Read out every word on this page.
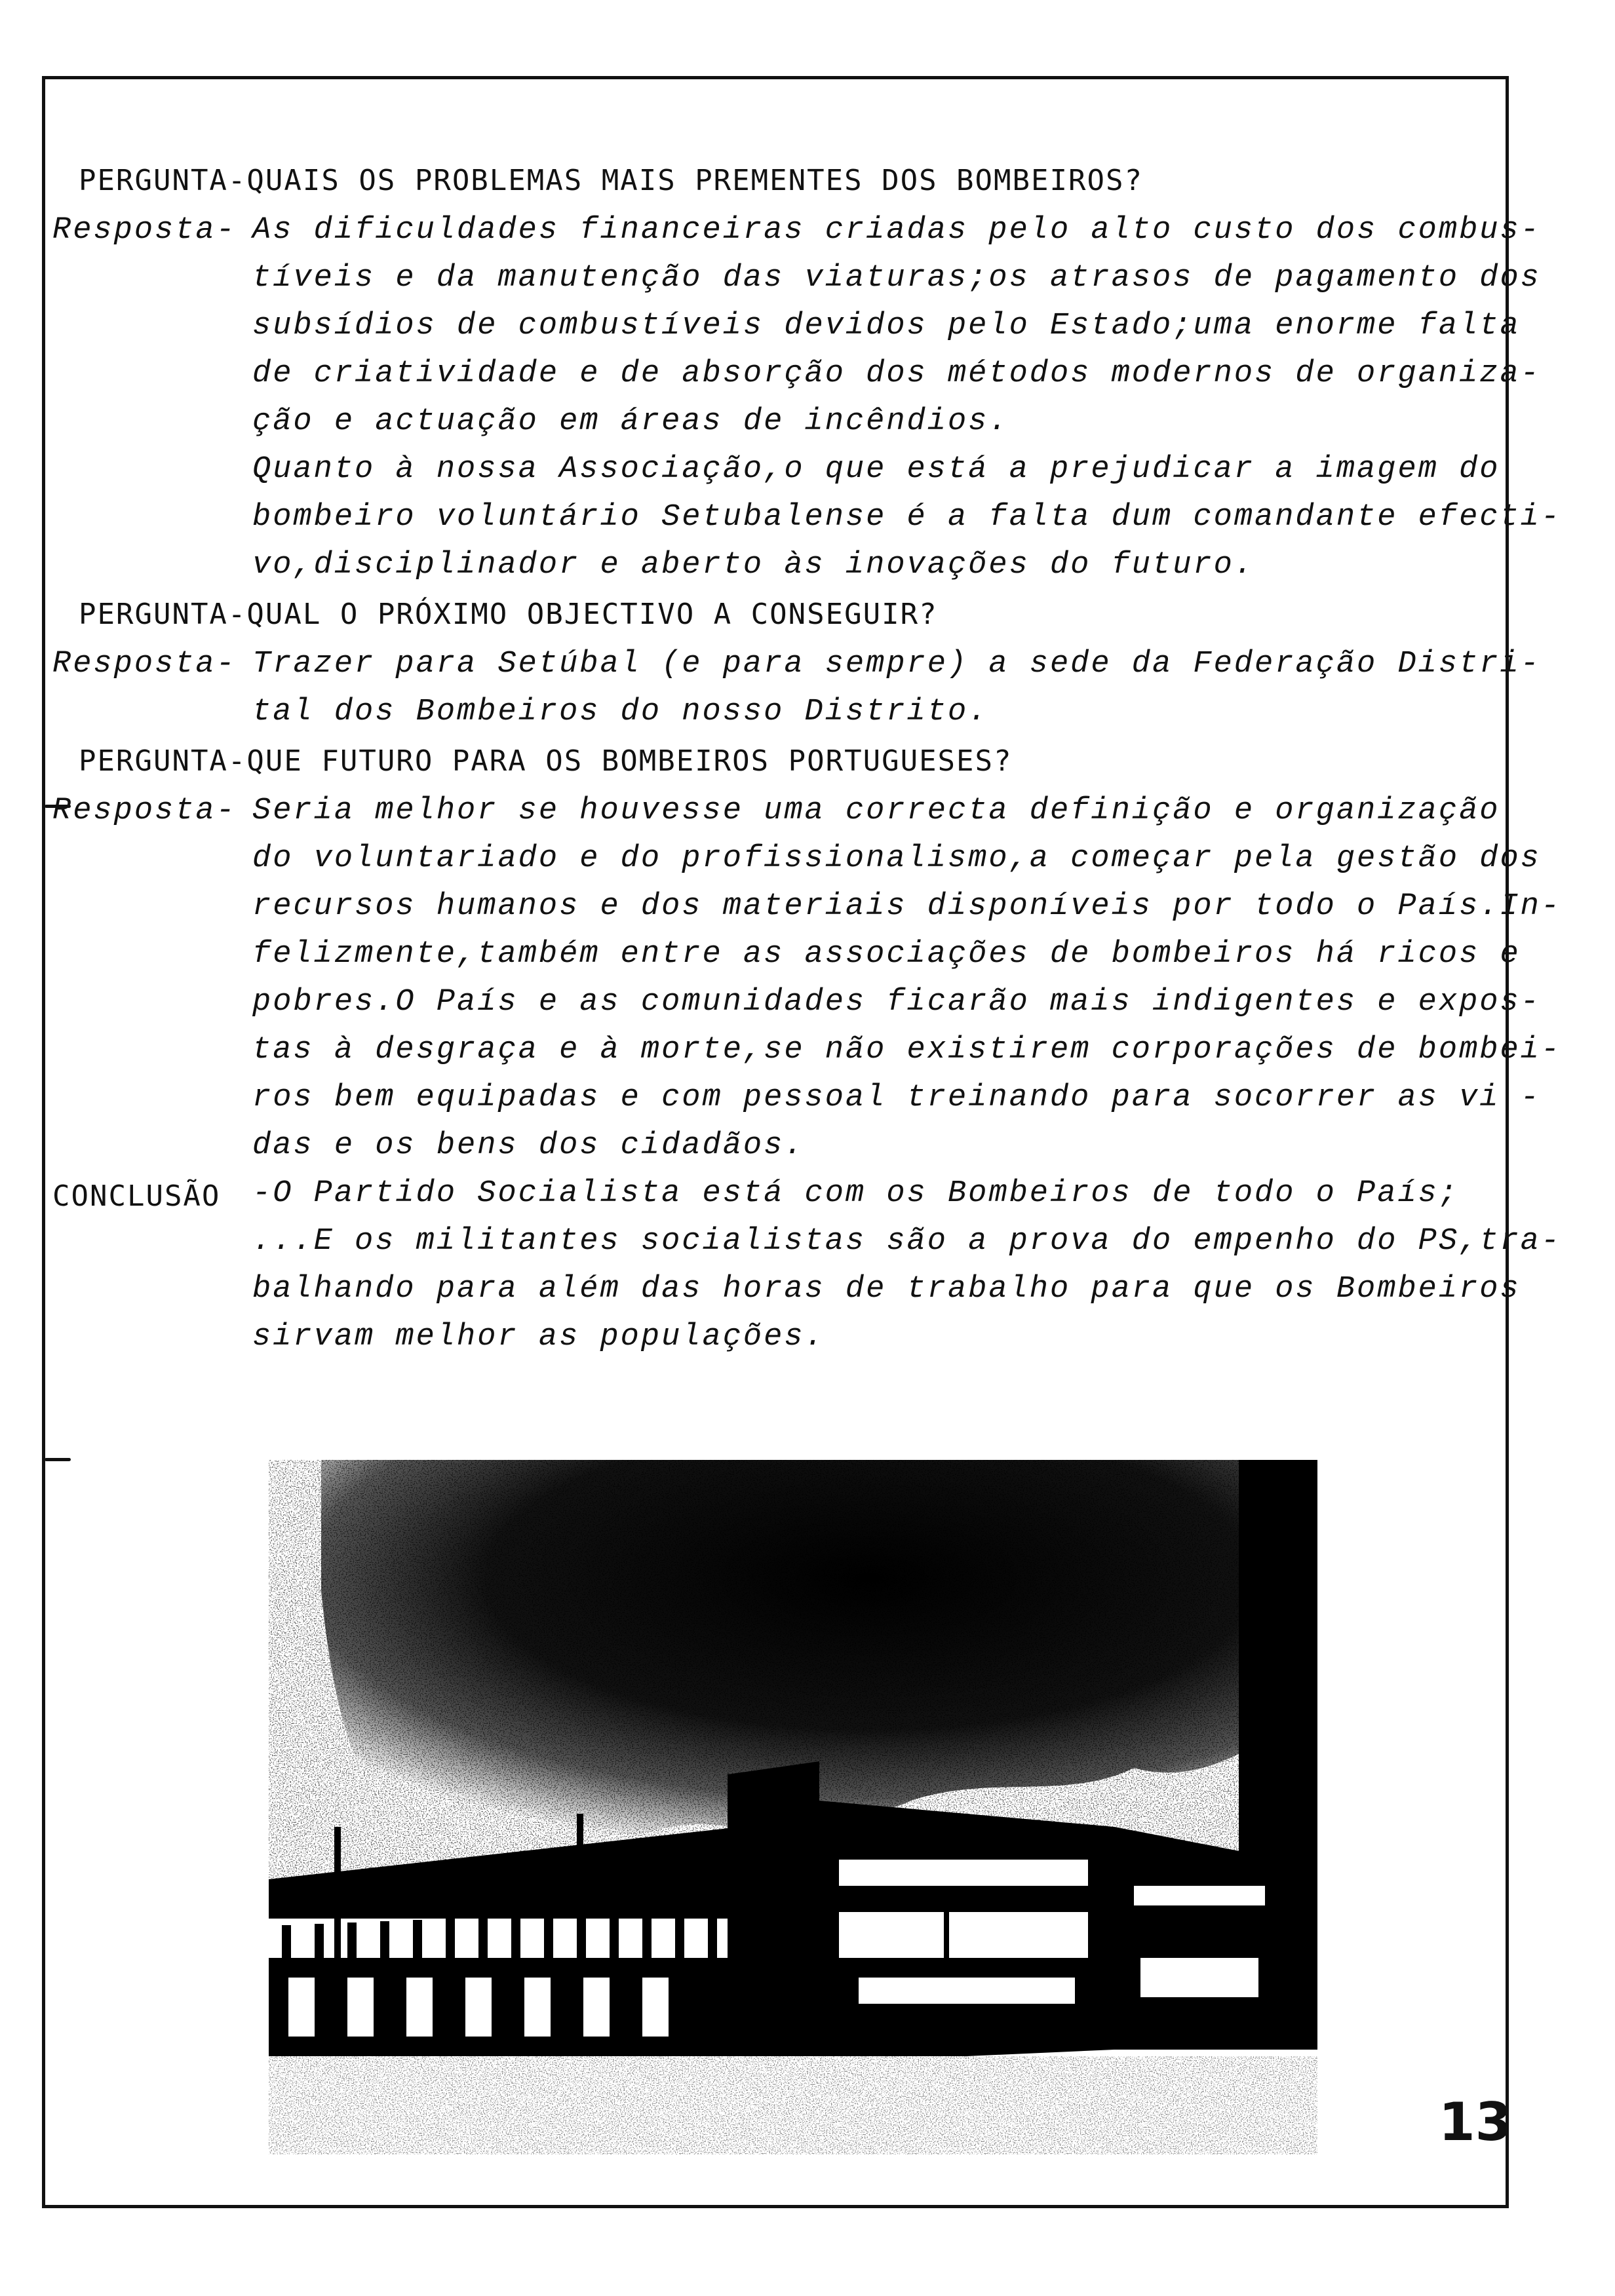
PERGUNTA-QUAIS OS PROBLEMAS MAIS PREMENTES DOS BOMBEIROS?
Resposta- As dificuldades financeiras criadas pelo alto custo dos combus-
tíveis e da manutenção das viaturas;os atrasos de pagamento dos
subsídios de combustíveis devidos pelo Estado;uma enorme falta
de criatividade e de absorção dos métodos modernos de organiza-
ção e actuação em áreas de incêndios.
Quanto à nossa Associação,o que está a prejudicar a imagem do
bombeiro voluntário Setubalense é a falta dum comandante efecti-
vo,disciplinador e aberto às inovações do futuro.
PERGUNTA-QUAL O PRÓXIMO OBJECTIVO A CONSEGUIR?
Resposta- Trazer para Setúbal (e para sempre) a sede da Federação Distri-
tal dos Bombeiros do nosso Distrito.
PERGUNTA-QUE FUTURO PARA OS BOMBEIROS PORTUGUESES?
Resposta- Seria melhor se houvesse uma correcta definição e organização
do voluntariado e do profissionalismo,a começar pela gestão dos
recursos humanos e dos materiais disponíveis por todo o País.In-
felizmente,também entre as associações de bombeiros há ricos e
pobres.O País e as comunidades ficarão mais indigentes e expos-
tas à desgraça e à morte,se não existirem corporações de bombei-
ros bem equipadas e com pessoal treinando para socorrer as vi -
das e os bens dos cidadãos.
CONCLUSÃO -O Partido Socialista está com os Bombeiros de todo o País;
...E os militantes socialistas são a prova do empenho do PS,tra-
balhando para além das horas de trabalho para que os Bombeiros
sirvam melhor as populações.
13
